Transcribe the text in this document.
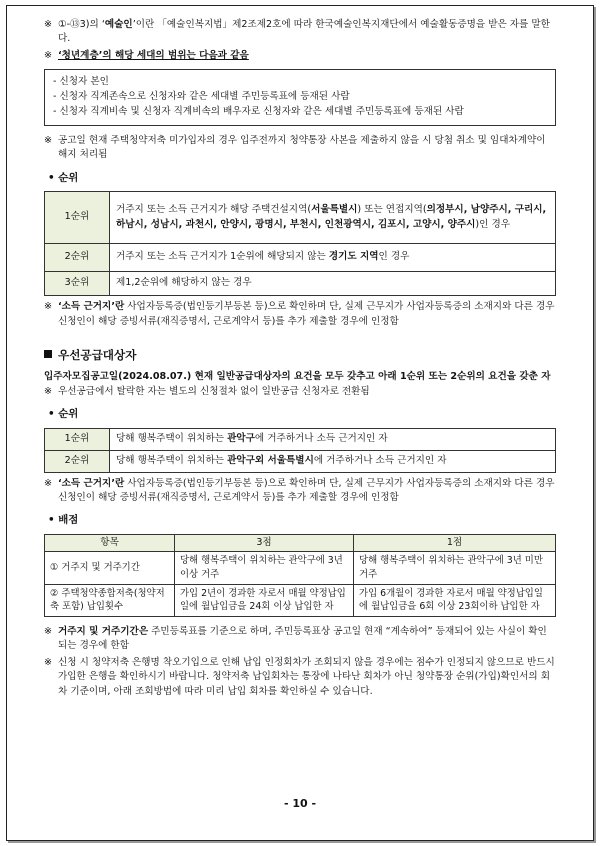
※ ①-⑬3)의 ‘예술인’이란 「예술인복지법」제2조제2호에 따라 한국예술인복지재단에서 예술활동증명을 받은 자를 말한다.
※ ‘청년계층’의 해당 세대의 범위는 다음과 같음
- 신청자 본인
- 신청자 직계존속으로 신청자와 같은 세대별 주민등록표에 등재된 사람
- 신청자 직계비속 및 신청자 직계비속의 배우자로 신청자와 같은 세대별 주민등록표에 등재된 사람
※ 공고일 현재 주택청약저축 미가입자의 경우 입주전까지 청약통장 사본을 제출하지 않을 시 당첨 취소 및 임대차계약이 해지 처리됨
• 순위
1순위	거주지 또는 소득 근거지가 해당 주택건설지역(서울특별시) 또는 연접지역(의정부시, 남양주시, 구리시, 하남시, 성남시, 과천시, 안양시, 광명시, 부천시, 인천광역시, 김포시, 고양시, 양주시)인 경우
2순위	거주지 또는 소득 근거지가 1순위에 해당되지 않는 경기도 지역인 경우
3순위	제1,2순위에 해당하지 않는 경우
※ ‘소득 근거지’란 사업자등록증(법인등기부등본 등)으로 확인하며 단, 실제 근무지가 사업자등록증의 소재지와 다른 경우 신청인이 해당 증빙서류(재직증명서, 근로계약서 등)를 추가 제출할 경우에 인정함
우선공급대상자
입주자모집공고일(2024.08.07.) 현재 일반공급대상자의 요건을 모두 갖추고 아래 1순위 또는 2순위의 요건을 갖춘 자
※ 우선공급에서 탈락한 자는 별도의 신청절차 없이 일반공급 신청자로 전환됨
• 순위
1순위	당해 행복주택이 위치하는 관악구에 거주하거나 소득 근거지인 자
2순위	당해 행복주택이 위치하는 관악구외 서울특별시에 거주하거나 소득 근거지인 자
※ ‘소득 근거지’란 사업자등록증(법인등기부등본 등)으로 확인하며 단, 실제 근무지가 사업자등록증의 소재지와 다른 경우 신청인이 해당 증빙서류(재직증명서, 근로계약서 등)를 추가 제출할 경우에 인정함
• 배점
항목	3점	1점
① 거주지 및 거주기간	당해 행복주택이 위치하는 관악구에 3년 이상 거주	당해 행복주택이 위치하는 관악구에 3년 미만 거주
② 주택청약종합저축(청약저축 포함) 납입횟수	가입 2년이 경과한 자로서 매월 약정납입일에 월납입금을 24회 이상 납입한 자	가입 6개월이 경과한 자로서 매월 약정납입일에 월납입금을 6회 이상 23회이하 납입한 자
※ 거주지 및 거주기간은 주민등록표를 기준으로 하며, 주민등록표상 공고일 현재 “계속하여” 등재되어 있는 사실이 확인되는 경우에 한함
※ 신청 시 청약저축 은행명 착오기입으로 인해 납입 인정회차가 조회되지 않을 경우에는 점수가 인정되지 않으므로 반드시 가입한 은행을 확인하시기 바랍니다. 청약저축 납입회차는 통장에 나타난 회차가 아닌 청약통장 순위(가입)확인서의 회차 기준이며, 아래 조회방법에 따라 미리 납입 회차를 확인하실 수 있습니다.
- 10 -
